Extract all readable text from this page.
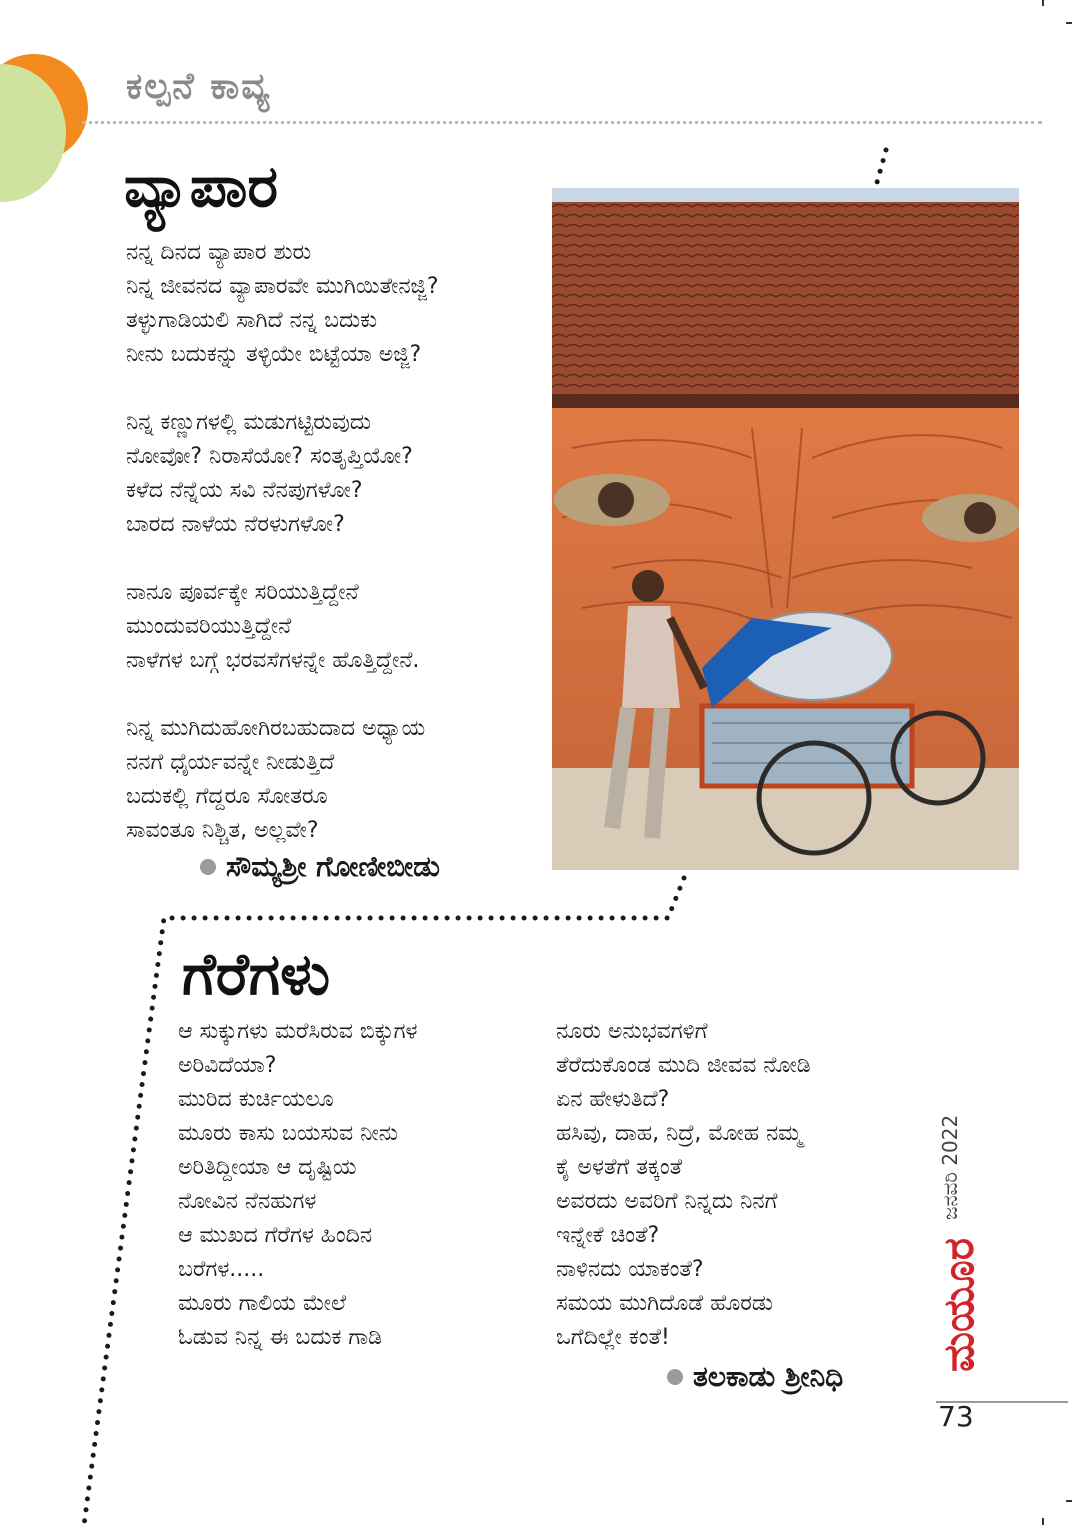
ಕಲ್ಪನೆ ಕಾವ್ಯ
ವ್ಯಾಪಾರ
ನನ್ನ ದಿನದ ವ್ಯಾಪಾರ ಶುರು
ನಿನ್ನ ಜೀವನದ ವ್ಯಾಪಾರವೇ ಮುಗಿಯಿತೇನಜ್ಜಿ?
ತಳ್ಳುಗಾಡಿಯಲಿ ಸಾಗಿದೆ ನನ್ನ ಬದುಕು
ನೀನು ಬದುಕನ್ನು ತಳ್ಳಿಯೇ ಬಿಟ್ಟೆಯಾ ಅಜ್ಜಿ?
ನಿನ್ನ ಕಣ್ಣುಗಳಲ್ಲಿ ಮಡುಗಟ್ಟಿರುವುದು
ನೋವೋ? ನಿರಾಸೆಯೋ? ಸಂತೃಪ್ತಿಯೋ?
ಕಳೆದ ನೆನ್ನೆಯ ಸವಿ ನೆನಪುಗಳೋ?
ಬಾರದ ನಾಳೆಯ ನೆರಳುಗಳೋ?
ನಾನೂ ಪೂರ್ವಕ್ಕೇ ಸರಿಯುತ್ತಿದ್ದೇನೆ
ಮುಂದುವರಿಯುತ್ತಿದ್ದೇನೆ
ನಾಳೆಗಳ ಬಗ್ಗೆ ಭರವಸೆಗಳನ್ನೇ ಹೊತ್ತಿದ್ದೇನೆ.
ನಿನ್ನ ಮುಗಿದುಹೋಗಿರಬಹುದಾದ ಅಧ್ಯಾಯ
ನನಗೆ ಧೈರ್ಯವನ್ನೇ ನೀಡುತ್ತಿದೆ
ಬದುಕಲ್ಲಿ ಗೆದ್ದರೂ ಸೋತರೂ
ಸಾವಂತೂ ನಿಶ್ಚಿತ, ಅಲ್ಲವೇ?
ಸೌಮ್ಯಶ್ರೀ ಗೋಣೀಬೀಡು
ಗೆರೆಗಳು
ಆ ಸುಕ್ಕುಗಳು ಮರೆಸಿರುವ ಬಿಕ್ಕುಗಳ
ಅರಿವಿದೆಯಾ?
ಮುರಿದ ಕುರ್ಚಿಯಲೂ
ಮೂರು ಕಾಸು ಬಯಸುವ ನೀನು
ಅರಿತಿದ್ದೀಯಾ ಆ ದೃಷ್ಟಿಯ
ನೋವಿನ ನೆನಹುಗಳ
ಆ ಮುಖದ ಗೆರೆಗಳ ಹಿಂದಿನ
ಬರೆಗಳ.....
ಮೂರು ಗಾಲಿಯ ಮೇಲೆ
ಓಡುವ ನಿನ್ನ ಈ ಬದುಕ ಗಾಡಿ
ನೂರು ಅನುಭವಗಳಿಗೆ
ತೆರೆದುಕೊಂಡ ಮುದಿ ಜೀವವ ನೋಡಿ
ಏನ ಹೇಳುತಿದೆ?
ಹಸಿವು, ದಾಹ, ನಿದ್ರೆ, ಮೋಹ ನಮ್ಮ
ಕೈ ಅಳತೆಗೆ ತಕ್ಕಂತೆ
ಅವರದು ಅವರಿಗೆ ನಿನ್ನದು ನಿನಗೆ
ಇನ್ನೇಕೆ ಚಿಂತೆ?
ನಾಳಿನದು ಯಾಕಂತೆ?
ಸಮಯ ಮುಗಿದೊಡೆ ಹೊರಡು
ಒಗೆದಿಲ್ಲೇ ಕಂತೆ!
ತಲಕಾಡು ಶ್ರೀನಿಧಿ
ಜನವರಿ 2022
ಮಯೂರ
73
